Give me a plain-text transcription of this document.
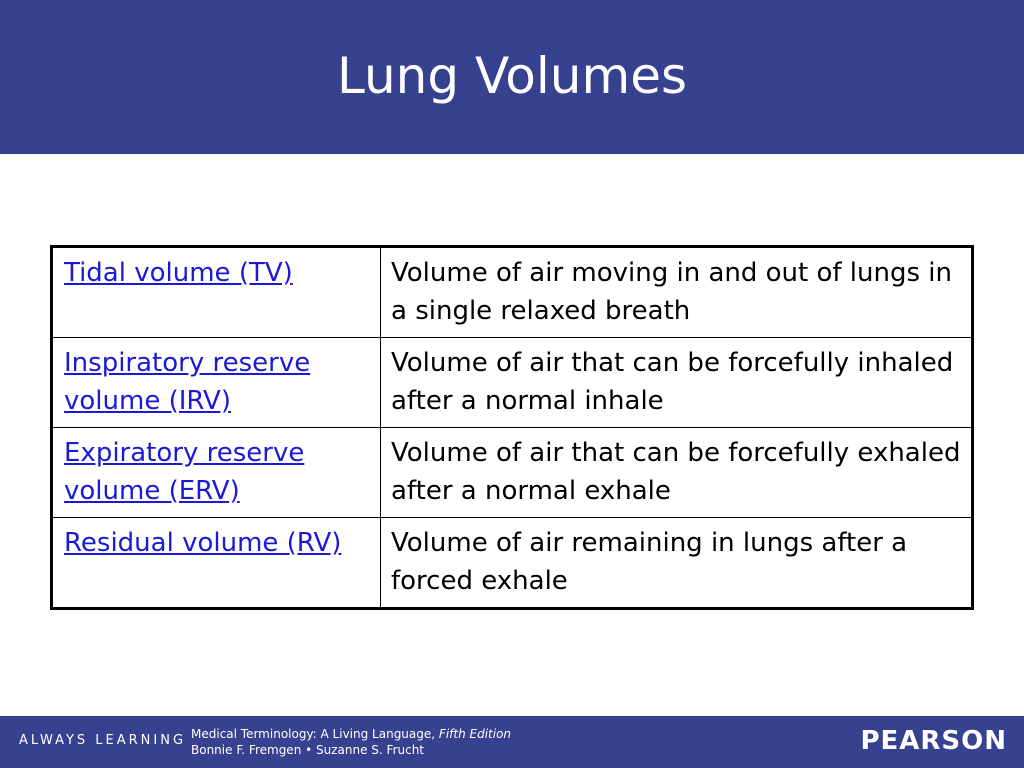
Lung Volumes
Tidal volume (TV)	Volume of air moving in and out of lungs in a single relaxed breath
Inspiratory reserve volume (IRV)	Volume of air that can be forcefully inhaled after a normal inhale
Expiratory reserve volume (ERV)	Volume of air that can be forcefully exhaled after a normal exhale
Residual volume (RV)	Volume of air remaining in lungs after a forced exhale
ALWAYS LEARNING Medical Terminology: A Living Language, Fifth Edition
Bonnie F. Fremgen • Suzanne S. Frucht	PEARSON
